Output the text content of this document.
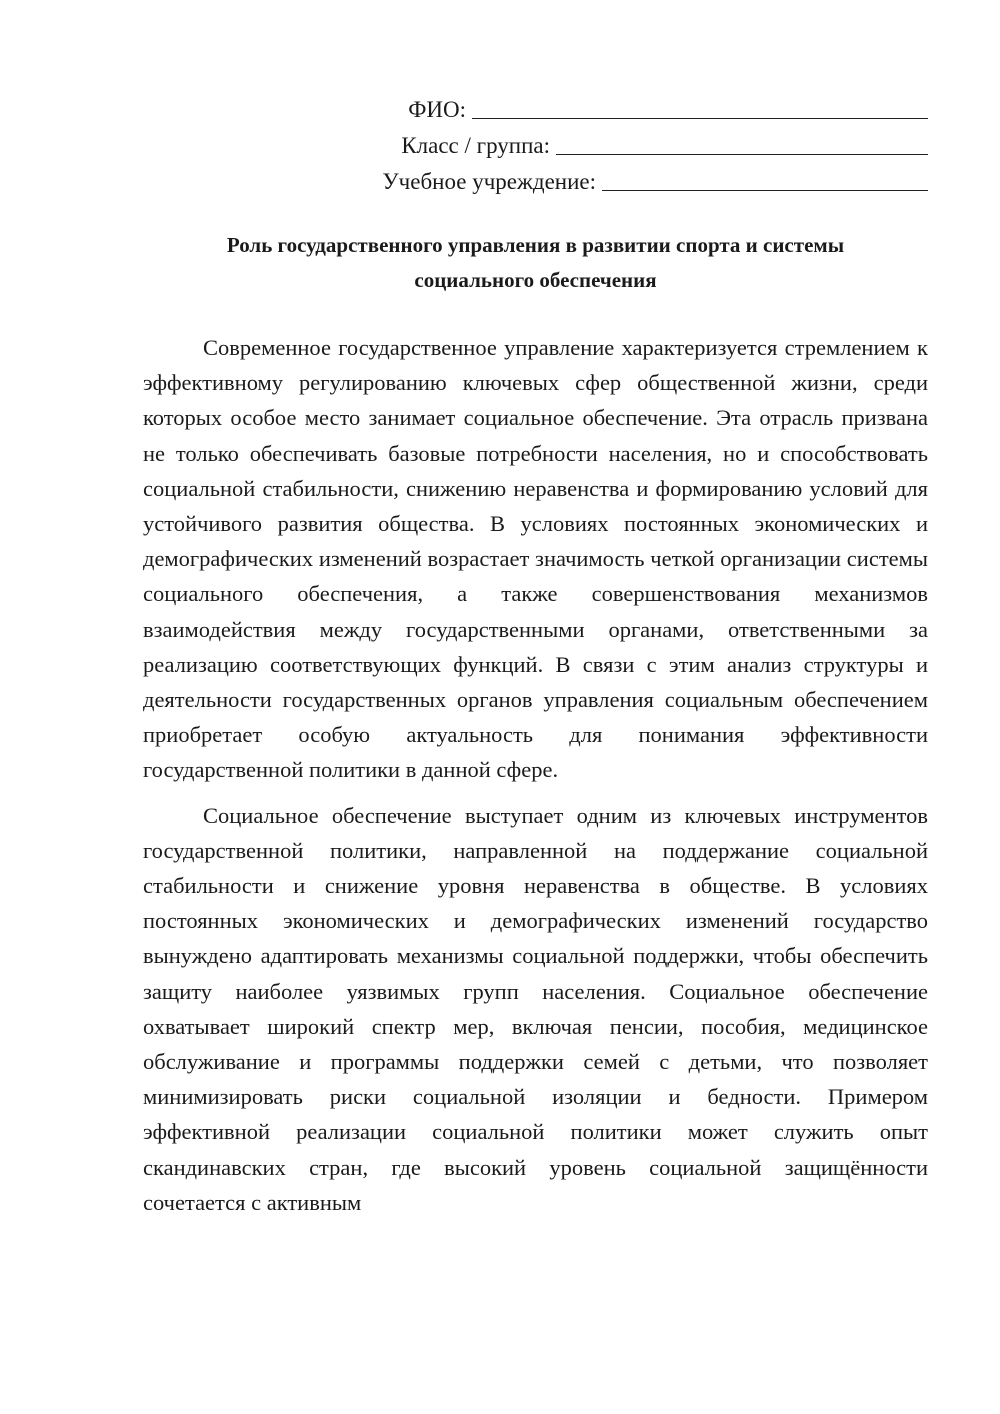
ФИО:
Класс / группа:
Учебное учреждение:
Роль государственного управления в развитии спорта и системы
социального обеспечения

Современное государственное управление характеризуется стремлением к эффективному регулированию ключевых сфер общественной жизни, среди которых особое место занимает социальное обеспечение. Эта отрасль призвана не только обеспечивать базовые потребности населения, но и способствовать социальной стабильности, снижению неравенства и формированию условий для устойчивого развития общества. В условиях постоянных экономических и демографических изменений возрастает значимость четкой организации системы социального обеспечения, а также совершенствования механизмов взаимодействия между государственными органами, ответственными за реализацию соответствующих функций. В связи с этим анализ структуры и деятельности государственных органов управления социальным обеспечением приобретает особую актуальность для понимания эффективности государственной политики в данной сфере.

Социальное обеспечение выступает одним из ключевых инструментов государственной политики, направленной на поддержание социальной стабильности и снижение уровня неравенства в обществе. В условиях постоянных экономических и демографических изменений государство вынуждено адаптировать механизмы социальной поддержки, чтобы обеспечить защиту наиболее уязвимых групп населения. Социальное обеспечение охватывает широкий спектр мер, включая пенсии, пособия, медицинское обслуживание и программы поддержки семей с детьми, что позволяет минимизировать риски социальной изоляции и бедности. Примером эффективной реализации социальной политики может служить опыт скандинавских стран, где высокий уровень социальной защищённости сочетается с активным
